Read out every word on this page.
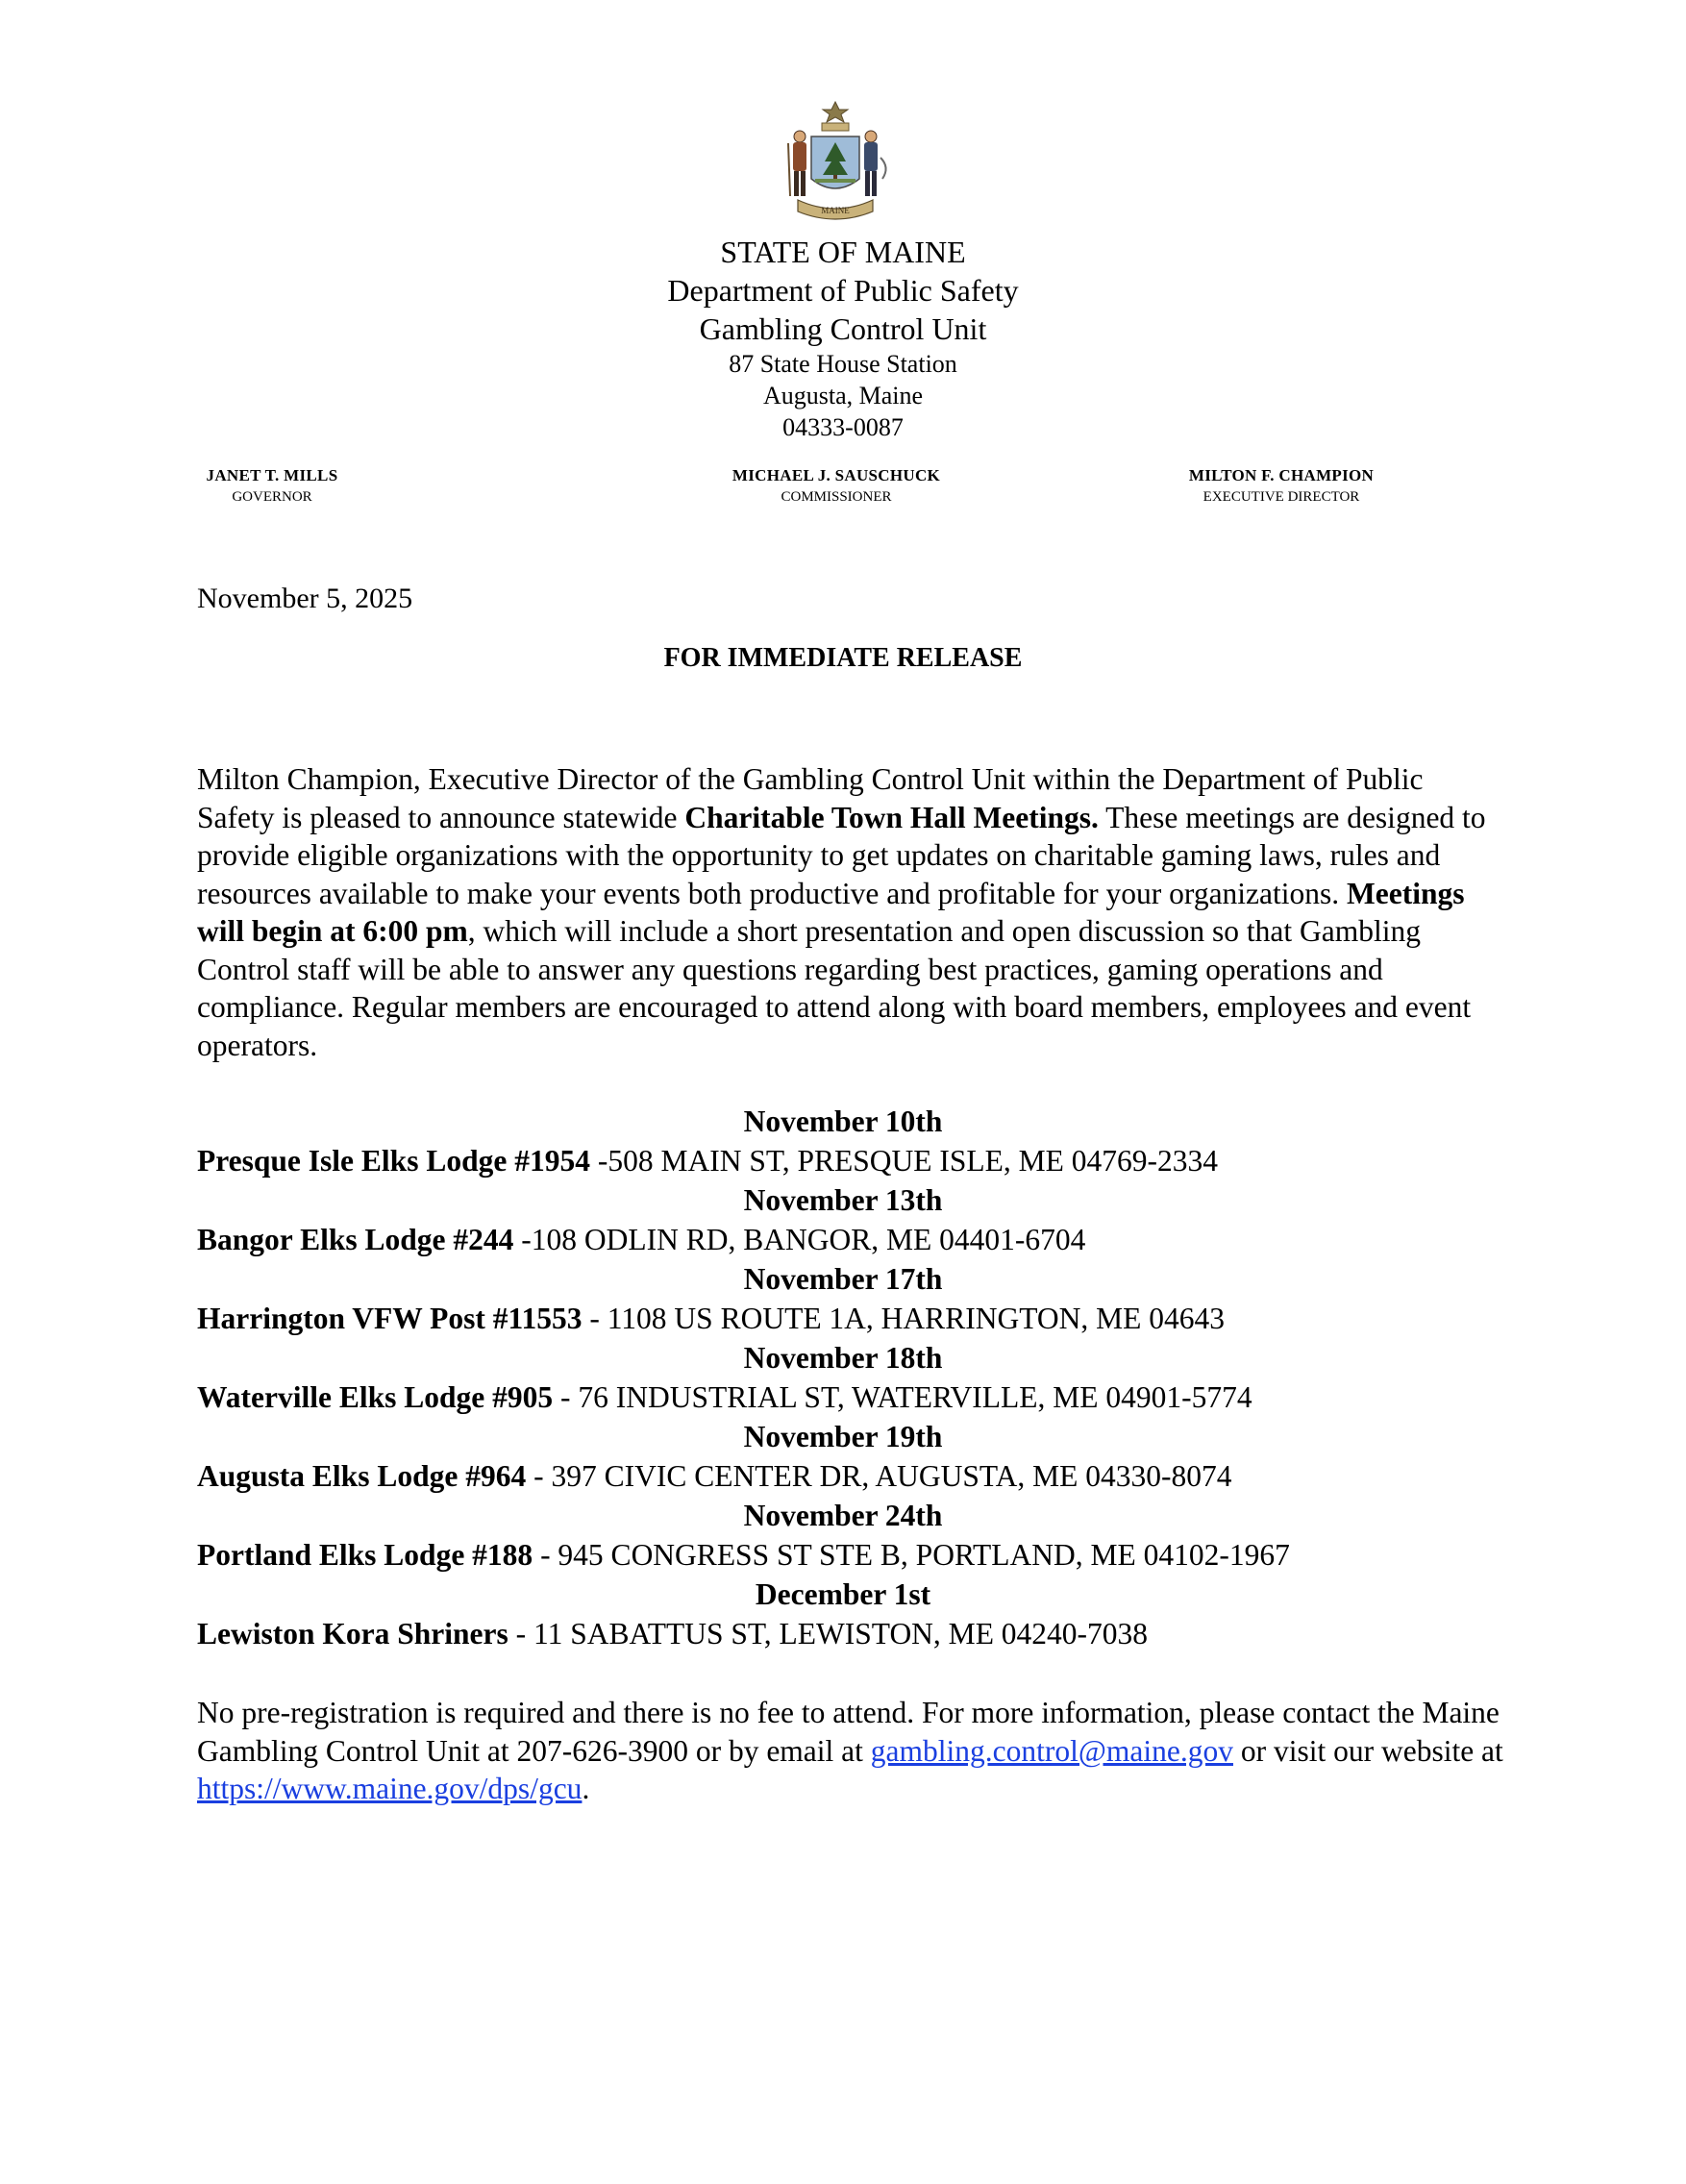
MAINE
STATE OF MAINE
Department of Public Safety
Gambling Control Unit
87 State House Station
Augusta, Maine
04333-0087
JANET T. MILLS
GOVERNOR
MICHAEL J. SAUSCHUCK
COMMISSIONER
MILTON F. CHAMPION
EXECUTIVE DIRECTOR
November 5, 2025
FOR IMMEDIATE RELEASE
Milton Champion, Executive Director of the Gambling Control Unit within the Department of Public Safety is pleased to announce statewide Charitable Town Hall Meetings. These meetings are designed to provide eligible organizations with the opportunity to get updates on charitable gaming laws, rules and resources available to make your events both productive and profitable for your organizations. Meetings will begin at 6:00 pm, which will include a short presentation and open discussion so that Gambling Control staff will be able to answer any questions regarding best practices, gaming operations and compliance. Regular members are encouraged to attend along with board members, employees and event operators.
November 10th
Presque Isle Elks Lodge #1954 -508 MAIN ST, PRESQUE ISLE, ME 04769-2334
November 13th
Bangor Elks Lodge #244 -108 ODLIN RD, BANGOR, ME 04401-6704
November 17th
Harrington VFW Post #11553 - 1108 US ROUTE 1A, HARRINGTON, ME 04643
November 18th
Waterville Elks Lodge #905 - 76 INDUSTRIAL ST, WATERVILLE, ME 04901-5774
November 19th
Augusta Elks Lodge #964 - 397 CIVIC CENTER DR, AUGUSTA, ME 04330-8074
November 24th
Portland Elks Lodge #188 - 945 CONGRESS ST STE B, PORTLAND, ME 04102-1967
December 1st
Lewiston Kora Shriners - 11 SABATTUS ST, LEWISTON, ME 04240-7038
No pre-registration is required and there is no fee to attend. For more information, please contact the Maine Gambling Control Unit at 207-626-3900 or by email at gambling.control@maine.gov or visit our website at https://www.maine.gov/dps/gcu.
